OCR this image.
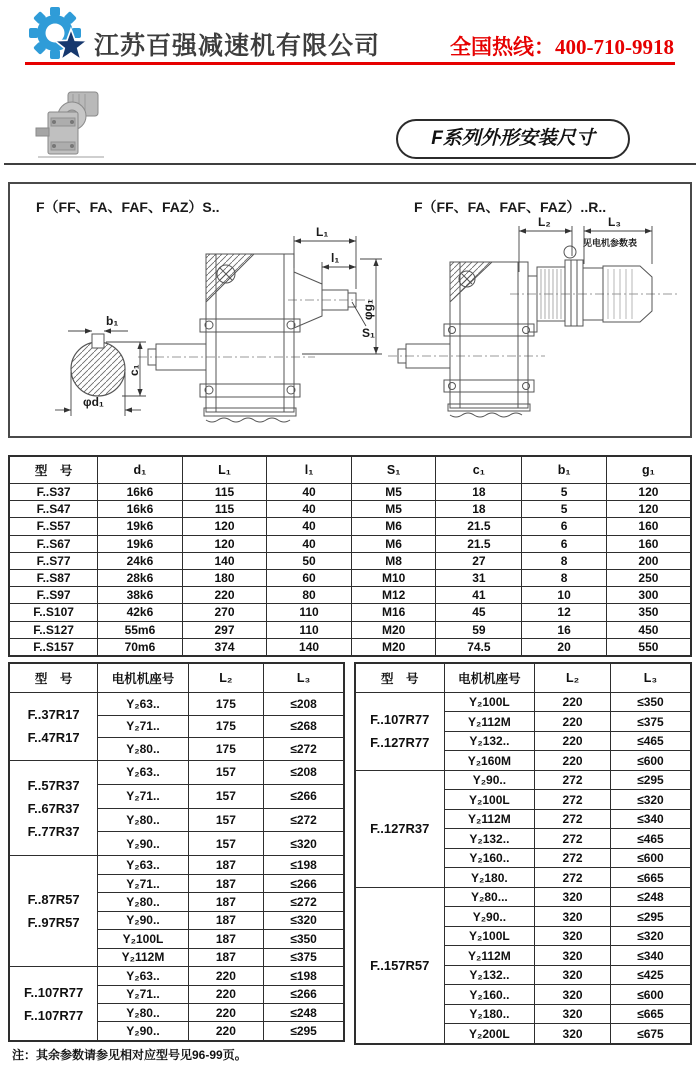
江苏百强减速机有限公司	全国热线：400-710-9918
F系列外形安装尺寸
F（FF、FA、FAF、FAZ）S..	F（FF、FA、FAF、FAZ）..R..
L₁
l₁
φg₁
S₁
b₁
c₁
φd₁
L₂	L₃
见电机参数表
型　号	d₁	L₁	l₁	S₁	c₁	b₁	g₁
F..S37	16k6	115	40	M5	18	5	120
F..S47	16k6	115	40	M5	18	5	120
F..S57	19k6	120	40	M6	21.5	6	160
F..S67	19k6	120	40	M6	21.5	6	160
F..S77	24k6	140	50	M8	27	8	200
F..S87	28k6	180	60	M10	31	8	250
F..S97	38k6	220	80	M12	41	10	300
F..S107	42k6	270	110	M16	45	12	350
F..S127	55m6	297	110	M20	59	16	450
F..S157	70m6	374	140	M20	74.5	20	550
型　号	电机机座号	L₂	L₃

F..37R17
F..47R17	Y₂63..	175	≤208
	Y₂71..	175	≤268
	Y₂80..	175	≤272

F..57R37
F..67R37
F..77R37	Y₂63..	157	≤208
	Y₂71..	157	≤266
	Y₂80..	157	≤272
	Y₂90..	157	≤320

F..87R57
F..97R57	Y₂63..	187	≤198
	Y₂71..	187	≤266
	Y₂80..	187	≤272
	Y₂90..	187	≤320
	Y₂100L	187	≤350
	Y₂112M	187	≤375

F..107R77
F..107R77	Y₂63..	220	≤198
	Y₂71..	220	≤266
	Y₂80..	220	≤248
	Y₂90..	220	≤295
型　号	电机机座号	L₂	L₃

F..107R77
F..127R77	Y₂100L	220	≤350
	Y₂112M	220	≤375
	Y₂132..	220	≤465
	Y₂160M	220	≤600

F..127R37	Y₂90..	272	≤295
	Y₂100L	272	≤320
	Y₂112M	272	≤340
	Y₂132..	272	≤465
	Y₂160..	272	≤600
	Y₂180.	272	≤665

F..157R57	Y₂80...	320	≤248
	Y₂90..	320	≤295
	Y₂100L	320	≤320
	Y₂112M	320	≤340
	Y₂132..	320	≤425
	Y₂160..	320	≤600
	Y₂180..	320	≤665
	Y₂200L	320	≤675
注：其余参数请参见相对应型号见96-99页。
